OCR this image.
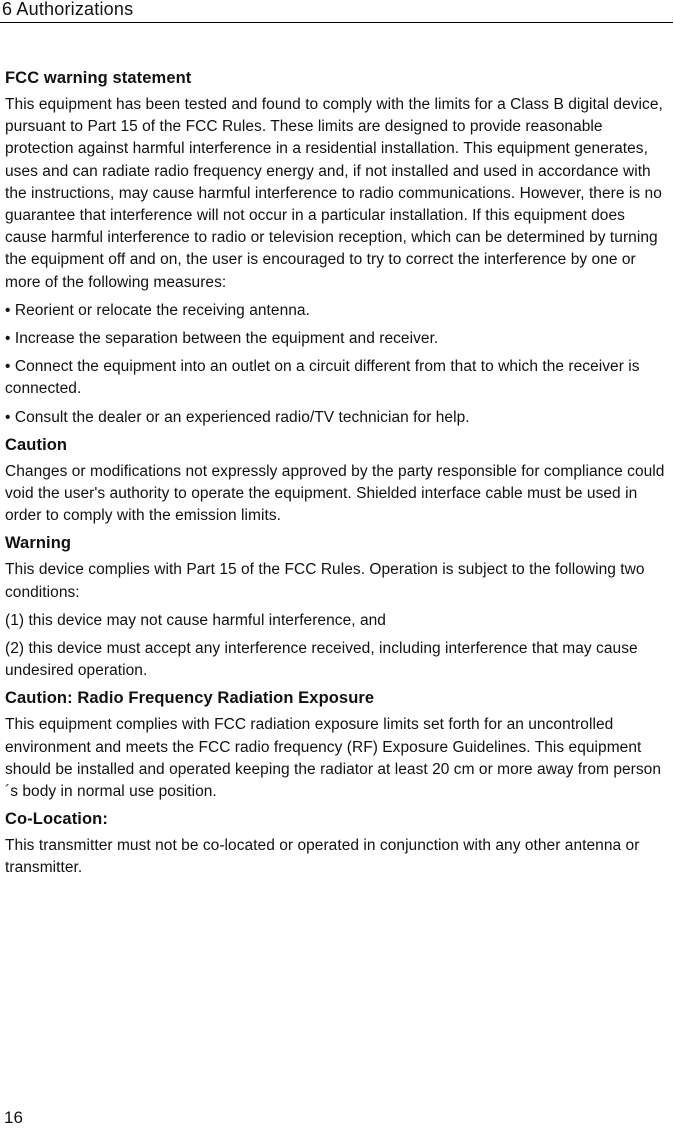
6 Authorizations
FCC warning statement
This equipment has been tested and found to comply with the limits for a Class B digital device, pursuant to Part 15 of the FCC Rules. These limits are designed to provide reasonable protection against harmful interference in a residential installation. This equipment generates, uses and can radiate radio frequency energy and, if not installed and used in accordance with the instructions, may cause harmful interference to radio communications. However, there is no guarantee that interference will not occur in a particular installation. If this equipment does cause harmful interference to radio or television reception, which can be determined by turning the equipment off and on, the user is encouraged to try to correct the interference by one or more of the following measures:
• Reorient or relocate the receiving antenna.
• Increase the separation between the equipment and receiver.
• Connect the equipment into an outlet on a circuit different from that to which the receiver is connected.
• Consult the dealer or an experienced radio/TV technician for help.
Caution
Changes or modifications not expressly approved by the party responsible for compliance could void the user's authority to operate the equipment. Shielded interface cable must be used in order to comply with the emission limits.
Warning
This device complies with Part 15 of the FCC Rules. Operation is subject to the following two conditions:
(1) this device may not cause harmful interference, and
(2) this device must accept any interference received, including interference that may cause undesired operation.
Caution: Radio Frequency Radiation Exposure
This equipment complies with FCC radiation exposure limits set forth for an uncontrolled environment and meets the FCC radio frequency (RF) Exposure Guidelines. This equipment should be installed and operated keeping the radiator at least 20 cm or more away from person´s body in normal use position.
Co-Location:
This transmitter must not be co-located or operated in conjunction with any other antenna or transmitter.
16
